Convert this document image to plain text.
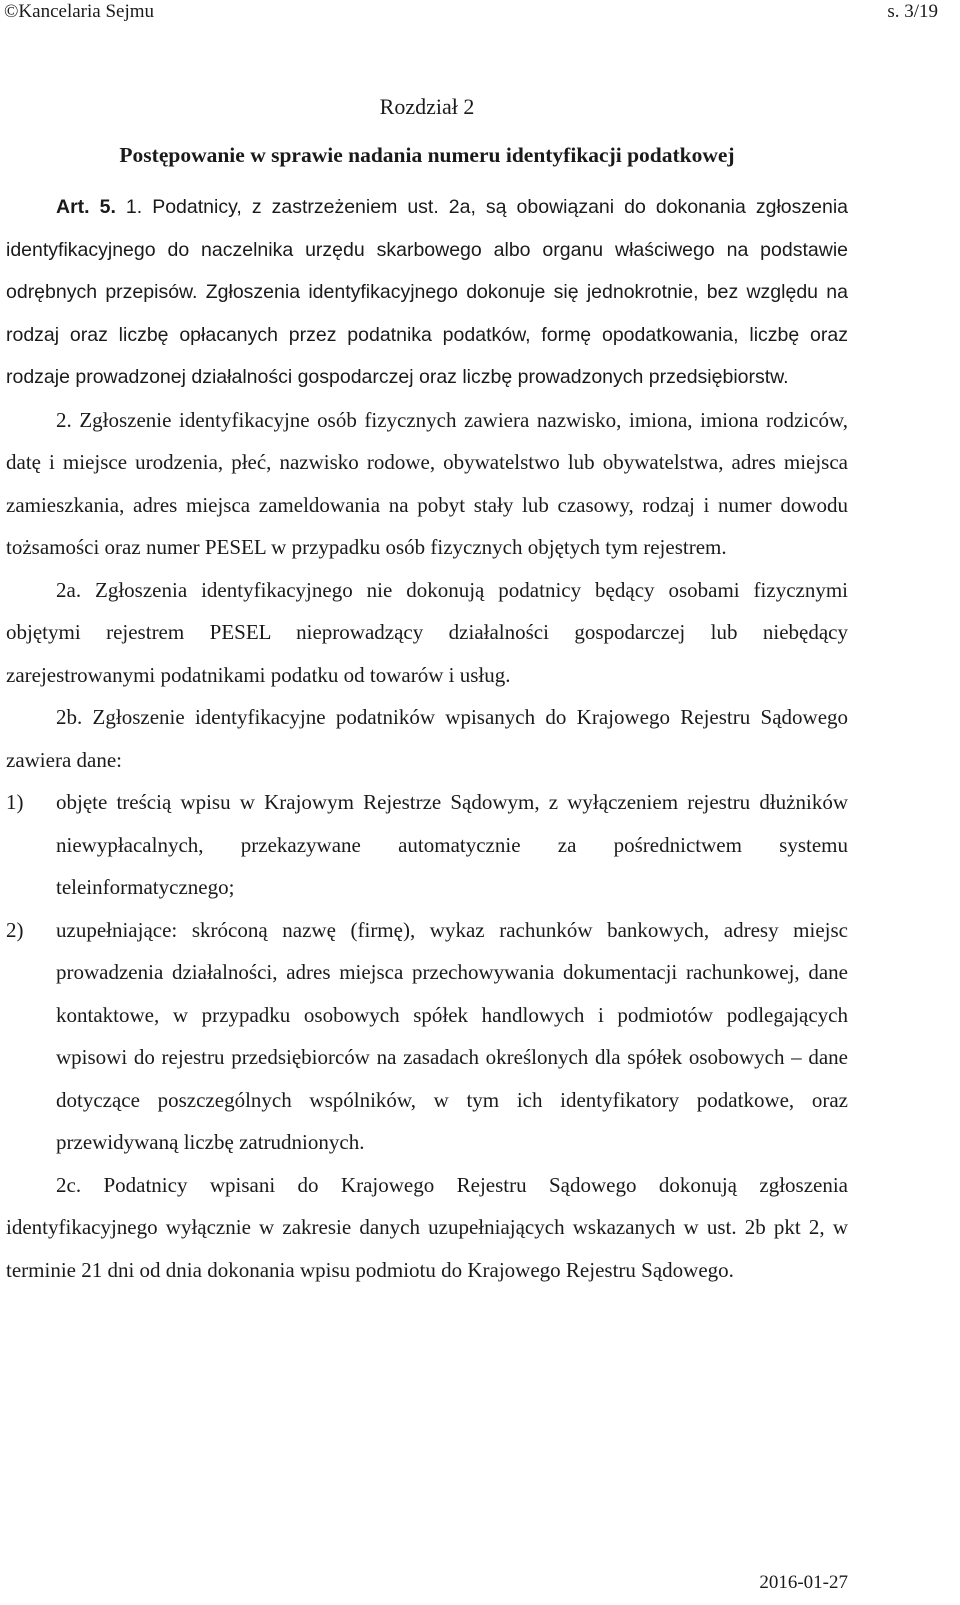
©Kancelaria Sejmu	s. 3/19
Rozdział 2
Postępowanie w sprawie nadania numeru identyfikacji podatkowej

Art. 5. 1. Podatnicy, z zastrzeżeniem ust. 2a, są obowiązani do dokonania zgłoszenia identyfikacyjnego do naczelnika urzędu skarbowego albo organu właściwego na podstawie odrębnych przepisów. Zgłoszenia identyfikacyjnego dokonuje się jednokrotnie, bez względu na rodzaj oraz liczbę opłacanych przez podatnika podatków, formę opodatkowania, liczbę oraz rodzaje prowadzonej działalności gospodarczej oraz liczbę prowadzonych przedsiębiorstw.

2. Zgłoszenie identyfikacyjne osób fizycznych zawiera nazwisko, imiona, imiona rodziców, datę i miejsce urodzenia, płeć, nazwisko rodowe, obywatelstwo lub obywatelstwa, adres miejsca zamieszkania, adres miejsca zameldowania na pobyt stały lub czasowy, rodzaj i numer dowodu tożsamości oraz numer PESEL w przypadku osób fizycznych objętych tym rejestrem.

2a. Zgłoszenia identyfikacyjnego nie dokonują podatnicy będący osobami fizycznymi objętymi rejestrem PESEL nieprowadzący działalności gospodarczej lub niebędący zarejestrowanymi podatnikami podatku od towarów i usług.

2b. Zgłoszenie identyfikacyjne podatników wpisanych do Krajowego Rejestru Sądowego zawiera dane:

1) objęte treścią wpisu w Krajowym Rejestrze Sądowym, z wyłączeniem rejestru dłużników niewypłacalnych, przekazywane automatycznie za pośrednictwem systemu teleinformatycznego;
2) uzupełniające: skróconą nazwę (firmę), wykaz rachunków bankowych, adresy miejsc prowadzenia działalności, adres miejsca przechowywania dokumentacji rachunkowej, dane kontaktowe, w przypadku osobowych spółek handlowych i podmiotów podlegających wpisowi do rejestru przedsiębiorców na zasadach określonych dla spółek osobowych – dane dotyczące poszczególnych wspólników, w tym ich identyfikatory podatkowe, oraz przewidywaną liczbę zatrudnionych.

2c. Podatnicy wpisani do Krajowego Rejestru Sądowego dokonują zgłoszenia identyfikacyjnego wyłącznie w zakresie danych uzupełniających wskazanych w ust. 2b pkt 2, w terminie 21 dni od dnia dokonania wpisu podmiotu do Krajowego Rejestru Sądowego.

2016-01-27
